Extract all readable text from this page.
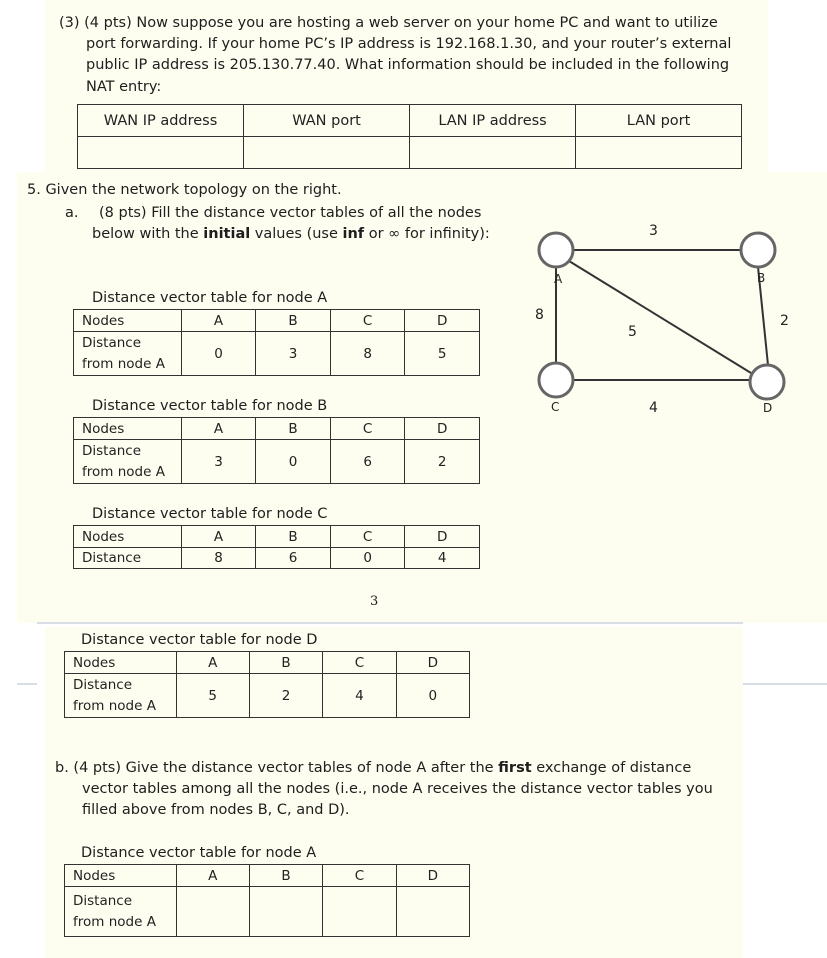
(3) (4 pts) Now suppose you are hosting a web server on your home PC and want to utilize
port forwarding. If your home PC’s IP address is 192.168.1.30, and your router’s external
public IP address is 205.130.77.40. What information should be included in the following
NAT entry:
WAN IP address	WAN port	LAN IP address	LAN port

5. Given the network topology on the right.
a. (8 pts) Fill the distance vector tables of all the nodes
below with the initial values (use inf or ∞ for infinity):
Distance vector table for node A
Nodes	A	B	C	D
Distance
from node A	0	3	8	5
Distance vector table for node B
Nodes	A	B	C	D
Distance
from node A	3	0	6	2
Distance vector table for node C
Nodes	A	B	C	D
Distance	8	6	0	4
3
Distance vector table for node D
Nodes	A	B	C	D
Distance
from node A	5	2	4	0
b. (4 pts) Give the distance vector tables of node A after the first exchange of distance
vector tables among all the nodes (i.e., node A receives the distance vector tables you
filled above from nodes B, C, and D).
Distance vector table for node A
Nodes	A	B	C	D
Distance
from node A				
A	B
C	D
3
8
5
2
4
